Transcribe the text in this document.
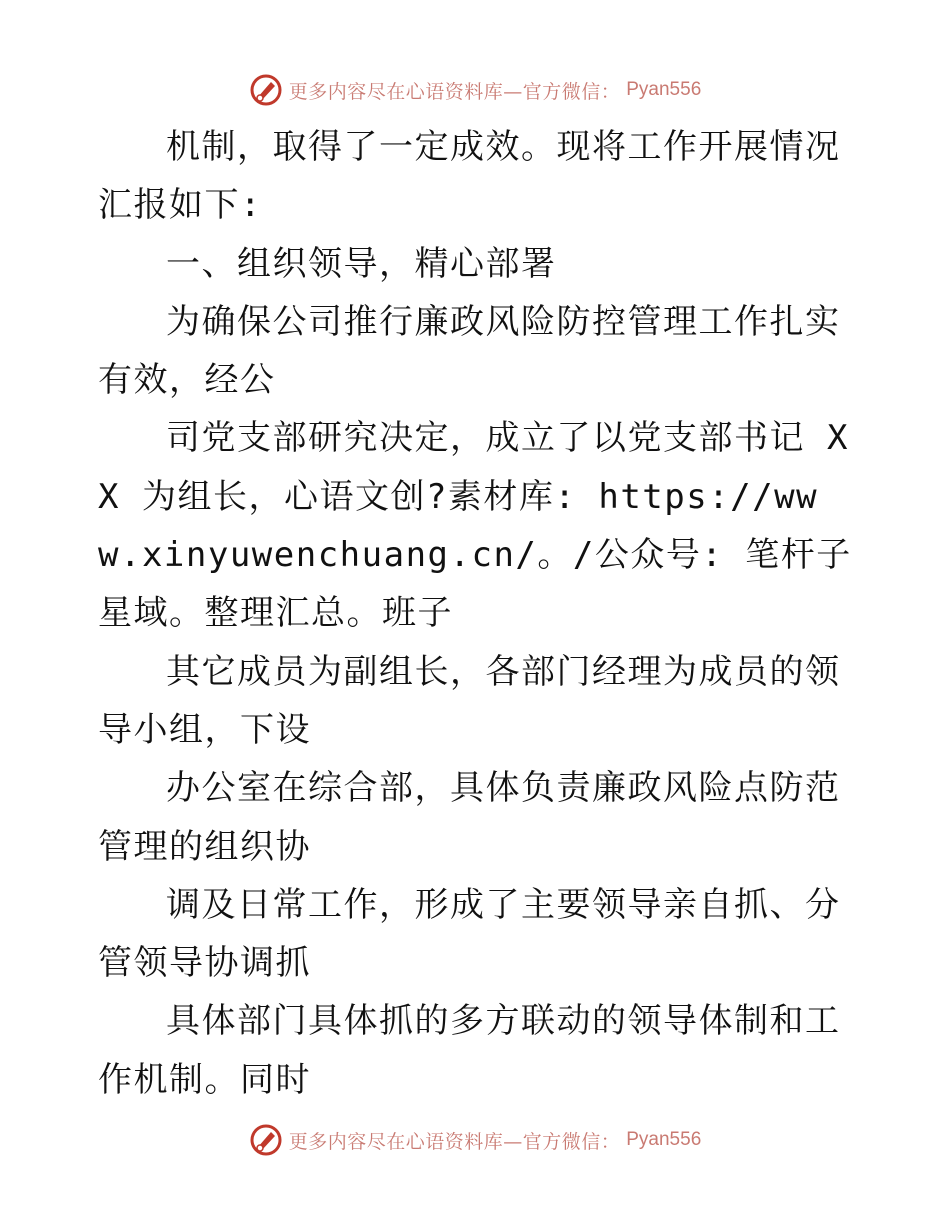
更多内容尽在心语资料库—官方微信： Pyan556

机制，取得了一定成效。现将工作开展情况汇报如下:

一、组织领导，精心部署

为确保公司推行廉政风险防控管理工作扎实有效，经公

司党支部研究决定，成立了以党支部书记 XX 为组长，心语文创?素材库: https://www.xinyuwenchuang.cn/。/公众号: 笔杆子星域。整理汇总。班子

其它成员为副组长，各部门经理为成员的领导小组，下设

办公室在综合部，具体负责廉政风险点防范管理的组织协

调及日常工作，形成了主要领导亲自抓、分管领导协调抓

具体部门具体抓的多方联动的领导体制和工作机制。同时

更多内容尽在心语资料库—官方微信： Pyan556
